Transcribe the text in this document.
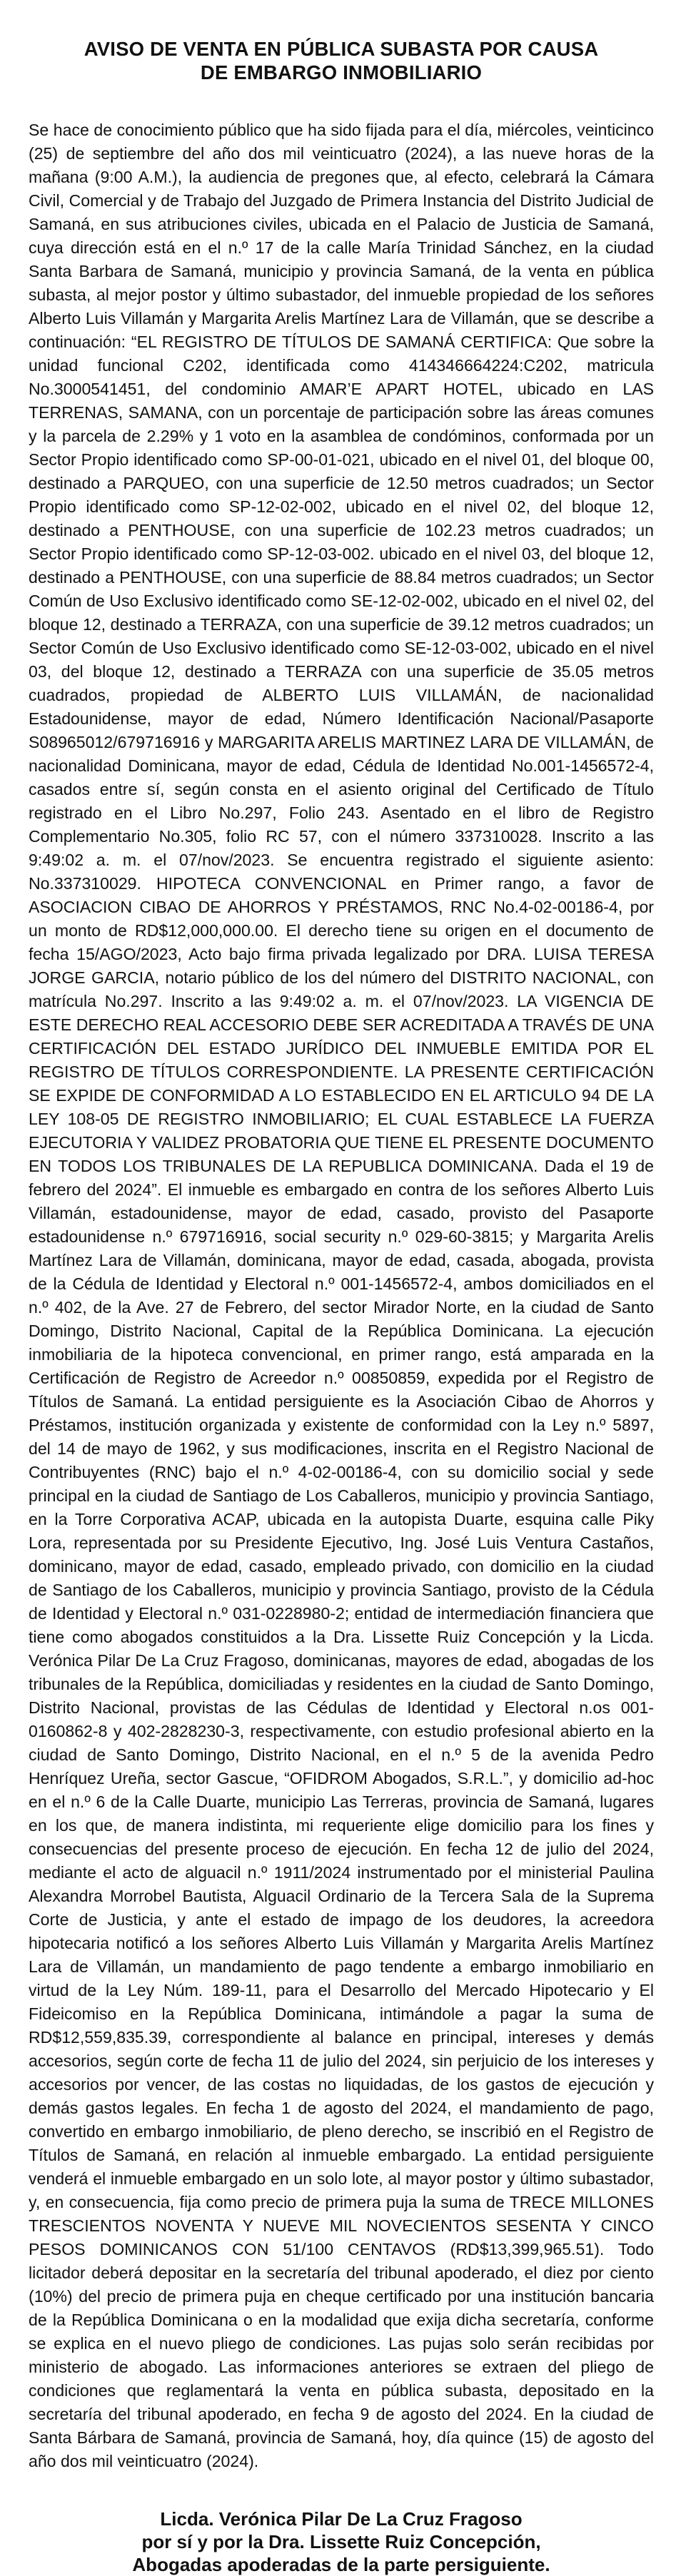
AVISO DE VENTA EN PÚBLICA SUBASTA POR CAUSA
DE EMBARGO INMOBILIARIO

Se hace de conocimiento público que ha sido fijada para el día, miércoles, veinticinco (25) de septiembre del año dos mil veinticuatro (2024), a las nueve horas de la mañana (9:00 A.M.), la audiencia de pregones que, al efecto, celebrará la Cámara Civil, Comercial y de Trabajo del Juzgado de Primera Instancia del Distrito Judicial de Samaná, en sus atribuciones civiles, ubicada en el Palacio de Justicia de Samaná, cuya dirección está en el n.º 17 de la calle María Trinidad Sánchez, en la ciudad Santa Barbara de Samaná, municipio y provincia Samaná, de la venta en pública subasta, al mejor postor y último subastador, del inmueble propiedad de los señores Alberto Luis Villamán y Margarita Arelis Martínez Lara de Villamán, que se describe a continuación: “EL REGISTRO DE TÍTULOS DE SAMANÁ CERTIFICA: Que sobre la unidad funcional C202, identificada como 414346664224:C202, matricula No.3000541451, del condominio AMAR’E APART HOTEL, ubicado en LAS TERRENAS, SAMANA, con un porcentaje de participación sobre las áreas comunes y la parcela de 2.29% y 1 voto en la asamblea de condóminos, conformada por un Sector Propio identificado como SP-00-01-021, ubicado en el nivel 01, del bloque 00, destinado a PARQUEO, con una superficie de 12.50 metros cuadrados; un Sector Propio identificado como SP-12-02-002, ubicado en el nivel 02, del bloque 12, destinado a PENTHOUSE, con una superficie de 102.23 metros cuadrados; un Sector Propio identificado como SP-12-03-002. ubicado en el nivel 03, del bloque 12, destinado a PENTHOUSE, con una superficie de 88.84 metros cuadrados; un Sector Común de Uso Exclusivo identificado como SE-12-02-002, ubicado en el nivel 02, del bloque 12, destinado a TERRAZA, con una superficie de 39.12 metros cuadrados; un Sector Común de Uso Exclusivo identificado como SE-12-03-002, ubicado en el nivel 03, del bloque 12, destinado a TERRAZA con una superficie de 35.05 metros cuadrados, propiedad de ALBERTO LUIS VILLAMÁN, de nacionalidad Estadounidense, mayor de edad, Número Identificación Nacional/Pasaporte S08965012/679716916 y MARGARITA ARELIS MARTINEZ LARA DE VILLAMÁN, de nacionalidad Dominicana, mayor de edad, Cédula de Identidad No.001-1456572-4, casados entre sí, según consta en el asiento original del Certificado de Título registrado en el Libro No.297, Folio 243. Asentado en el libro de Registro Complementario No.305, folio RC 57, con el número 337310028. Inscrito a las 9:49:02 a. m. el 07/nov/2023. Se encuentra registrado el siguiente asiento: No.337310029. HIPOTECA CONVENCIONAL en Primer rango, a favor de ASOCIACION CIBAO DE AHORROS Y PRÉSTAMOS, RNC No.4-02-00186-4, por un monto de RD$12,000,000.00. El derecho tiene su origen en el documento de fecha 15/AGO/2023, Acto bajo firma privada legalizado por DRA. LUISA TERESA JORGE GARCIA, notario público de los del número del DISTRITO NACIONAL, con matrícula No.297. Inscrito a las 9:49:02 a. m. el 07/nov/2023. LA VIGENCIA DE ESTE DERECHO REAL ACCESORIO DEBE SER ACREDITADA A TRAVÉS DE UNA CERTIFICACIÓN DEL ESTADO JURÍDICO DEL INMUEBLE EMITIDA POR EL REGISTRO DE TÍTULOS CORRESPONDIENTE. LA PRESENTE CERTIFICACIÓN SE EXPIDE DE CONFORMIDAD A LO ESTABLECIDO EN EL ARTICULO 94 DE LA LEY 108-05 DE REGISTRO INMOBILIARIO; EL CUAL ESTABLECE LA FUERZA EJECUTORIA Y VALIDEZ PROBATORIA QUE TIENE EL PRESENTE DOCUMENTO EN TODOS LOS TRIBUNALES DE LA REPUBLICA DOMINICANA. Dada el 19 de febrero del 2024”. El inmueble es embargado en contra de los señores Alberto Luis Villamán, estadounidense, mayor de edad, casado, provisto del Pasaporte estadounidense n.º 679716916, social security n.º 029-60-3815; y Margarita Arelis Martínez Lara de Villamán, dominicana, mayor de edad, casada, abogada, provista de la Cédula de Identidad y Electoral n.º 001-1456572-4, ambos domiciliados en el n.º 402, de la Ave. 27 de Febrero, del sector Mirador Norte, en la ciudad de Santo Domingo, Distrito Nacional, Capital de la República Dominicana. La ejecución inmobiliaria de la hipoteca convencional, en primer rango, está amparada en la Certificación de Registro de Acreedor n.º 00850859, expedida por el Registro de Títulos de Samaná. La entidad persiguiente es la Asociación Cibao de Ahorros y Préstamos, institución organizada y existente de conformidad con la Ley n.º 5897, del 14 de mayo de 1962, y sus modificaciones, inscrita en el Registro Nacional de Contribuyentes (RNC) bajo el n.º 4-02-00186-4, con su domicilio social y sede principal en la ciudad de Santiago de Los Caballeros, municipio y provincia Santiago, en la Torre Corporativa ACAP, ubicada en la autopista Duarte, esquina calle Piky Lora, representada por su Presidente Ejecutivo, Ing. José Luis Ventura Castaños, dominicano, mayor de edad, casado, empleado privado, con domicilio en la ciudad de Santiago de los Caballeros, municipio y provincia Santiago, provisto de la Cédula de Identidad y Electoral n.º 031-0228980-2; entidad de intermediación financiera que tiene como abogados constituidos a la Dra. Lissette Ruiz Concepción y la Licda. Verónica Pilar De La Cruz Fragoso, dominicanas, mayores de edad, abogadas de los tribunales de la República, domiciliadas y residentes en la ciudad de Santo Domingo, Distrito Nacional, provistas de las Cédulas de Identidad y Electoral n.os 001-0160862-8 y 402-2828230-3, respectivamente, con estudio profesional abierto en la ciudad de Santo Domingo, Distrito Nacional, en el n.º 5 de la avenida Pedro Henríquez Ureña, sector Gascue, “OFIDROM Abogados, S.R.L.”, y domicilio ad-hoc en el n.º 6 de la Calle Duarte, municipio Las Terreras, provincia de Samaná, lugares en los que, de manera indistinta, mi requeriente elige domicilio para los fines y consecuencias del presente proceso de ejecución. En fecha 12 de julio del 2024, mediante el acto de alguacil n.º 1911/2024 instrumentado por el ministerial Paulina Alexandra Morrobel Bautista, Alguacil Ordinario de la Tercera Sala de la Suprema Corte de Justicia, y ante el estado de impago de los deudores, la acreedora hipotecaria notificó a los señores Alberto Luis Villamán y Margarita Arelis Martínez Lara de Villamán, un mandamiento de pago tendente a embargo inmobiliario en virtud de la Ley Núm. 189-11, para el Desarrollo del Mercado Hipotecario y El Fideicomiso en la República Dominicana, intimándole a pagar la suma de RD$12,559,835.39, correspondiente al balance en principal, intereses y demás accesorios, según corte de fecha 11 de julio del 2024, sin perjuicio de los intereses y accesorios por vencer, de las costas no liquidadas, de los gastos de ejecución y demás gastos legales. En fecha 1 de agosto del 2024, el mandamiento de pago, convertido en embargo inmobiliario, de pleno derecho, se inscribió en el Registro de Títulos de Samaná, en relación al inmueble embargado. La entidad persiguiente venderá el inmueble embargado en un solo lote, al mayor postor y último subastador, y, en consecuencia, fija como precio de primera puja la suma de TRECE MILLONES TRESCIENTOS NOVENTA Y NUEVE MIL NOVECIENTOS SESENTA Y CINCO PESOS DOMINICANOS CON 51/100 CENTAVOS (RD$13,399,965.51). Todo licitador deberá depositar en la secretaría del tribunal apoderado, el diez por ciento (10%) del precio de primera puja en cheque certificado por una institución bancaria de la República Dominicana o en la modalidad que exija dicha secretaría, conforme se explica en el nuevo pliego de condiciones. Las pujas solo serán recibidas por ministerio de abogado. Las informaciones anteriores se extraen del pliego de condiciones que reglamentará la venta en pública subasta, depositado en la secretaría del tribunal apoderado, en fecha 9 de agosto del 2024. En la ciudad de Santa Bárbara de Samaná, provincia de Samaná, hoy, día quince (15) de agosto del año dos mil veinticuatro (2024).

Licda. Verónica Pilar De La Cruz Fragoso
por sí y por la Dra. Lissette Ruiz Concepción,
Abogadas apoderadas de la parte persiguiente.
